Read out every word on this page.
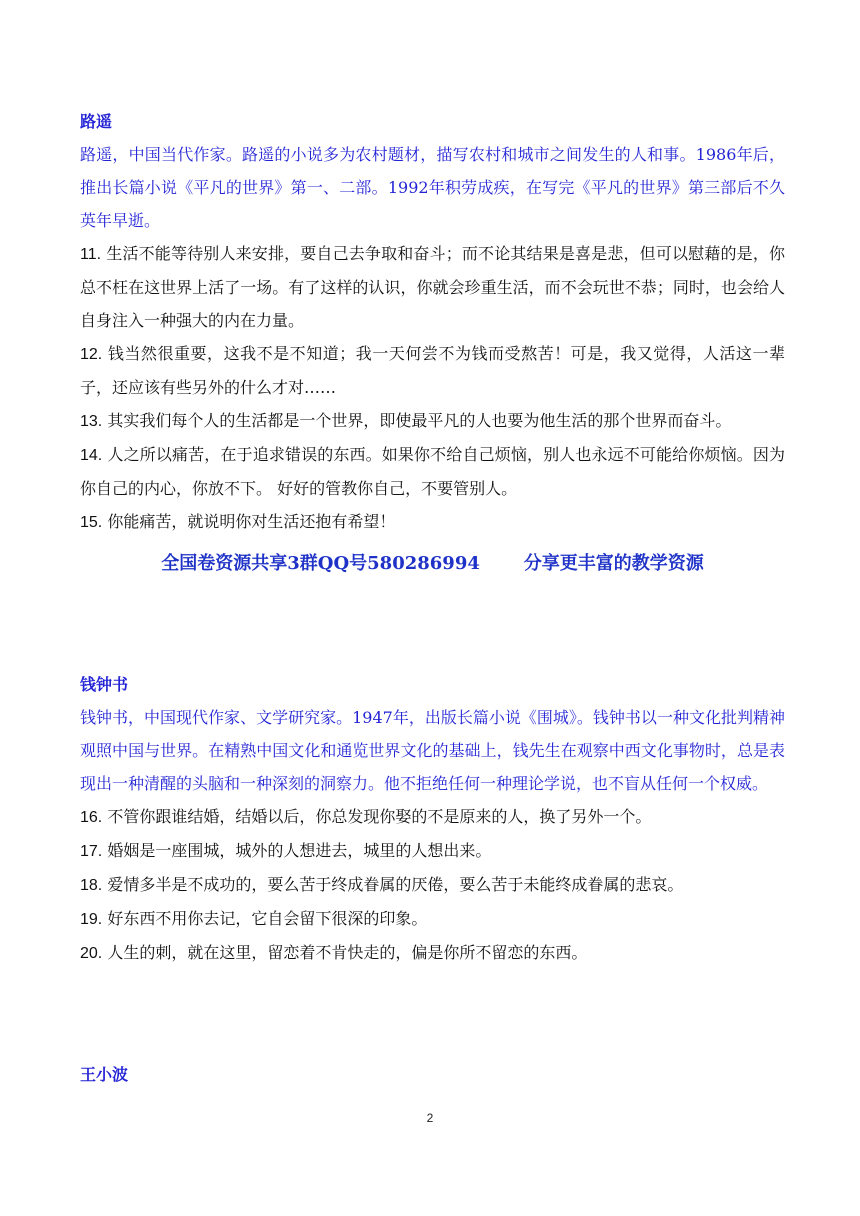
路遥

路遥，中国当代作家。路遥的小说多为农村题材，描写农村和城市之间发生的人和事。1986年后，推出长篇小说《平凡的世界》第一、二部。1992年积劳成疾，在写完《平凡的世界》第三部后不久英年早逝。

11. 生活不能等待别人来安排，要自己去争取和奋斗；而不论其结果是喜是悲，但可以慰藉的是，你总不枉在这世界上活了一场。有了这样的认识，你就会珍重生活，而不会玩世不恭；同时，也会给人自身注入一种强大的内在力量。

12. 钱当然很重要，这我不是不知道；我一天何尝不为钱而受熬苦！可是，我又觉得，人活这一辈子，还应该有些另外的什么才对……

13. 其实我们每个人的生活都是一个世界，即使最平凡的人也要为他生活的那个世界而奋斗。

14. 人之所以痛苦，在于追求错误的东西。如果你不给自己烦恼，别人也永远不可能给你烦恼。因为你自己的内心，你放不下。 好好的管教你自己，不要管别人。

15. 你能痛苦，就说明你对生活还抱有希望！

全国卷资源共享3群QQ号580286994       分享更丰富的教学资源

钱钟书

钱钟书，中国现代作家、文学研究家。1947年，出版长篇小说《围城》。钱钟书以一种文化批判精神观照中国与世界。在精熟中国文化和通览世界文化的基础上，钱先生在观察中西文化事物时，总是表现出一种清醒的头脑和一种深刻的洞察力。他不拒绝任何一种理论学说，也不盲从任何一个权威。

16. 不管你跟谁结婚，结婚以后，你总发现你娶的不是原来的人，换了另外一个。

17. 婚姻是一座围城，城外的人想进去，城里的人想出来。

18. 爱情多半是不成功的，要么苦于终成眷属的厌倦，要么苦于未能终成眷属的悲哀。

19. 好东西不用你去记，它自会留下很深的印象。

20. 人生的刺，就在这里，留恋着不肯快走的，偏是你所不留恋的东西。

王小波

2
